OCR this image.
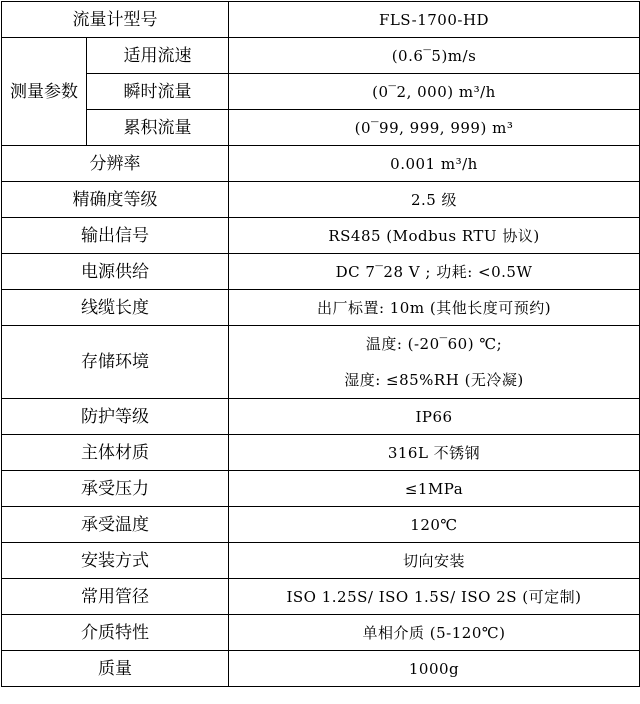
流量计型号		FLS-1700-HD
测量参数	适用流速	(0.6‾5)m/s
	瞬时流量	(0‾2, 000) m³/h
	累积流量	(0‾99, 999, 999) m³
分辨率		0.001 m³/h
精确度等级		2.5 级
输出信号		RS485 (Modbus RTU 协议)
电源供给		DC 7‾28 V ; 功耗: <0.5W
线缆长度		出厂标置: 10m (其他长度可预约)
存储环境		温度: (-20‾60) ℃;
湿度: ≤85%RH (无冷凝)

防护等级		IP66
主体材质		316L 不锈钢
承受压力		≤1MPa
承受温度		120℃
安装方式		切向安装
常用管径		ISO 1.25S/ ISO 1.5S/ ISO 2S (可定制)
介质特性		单相介质 (5-120℃)
质量		1000g
